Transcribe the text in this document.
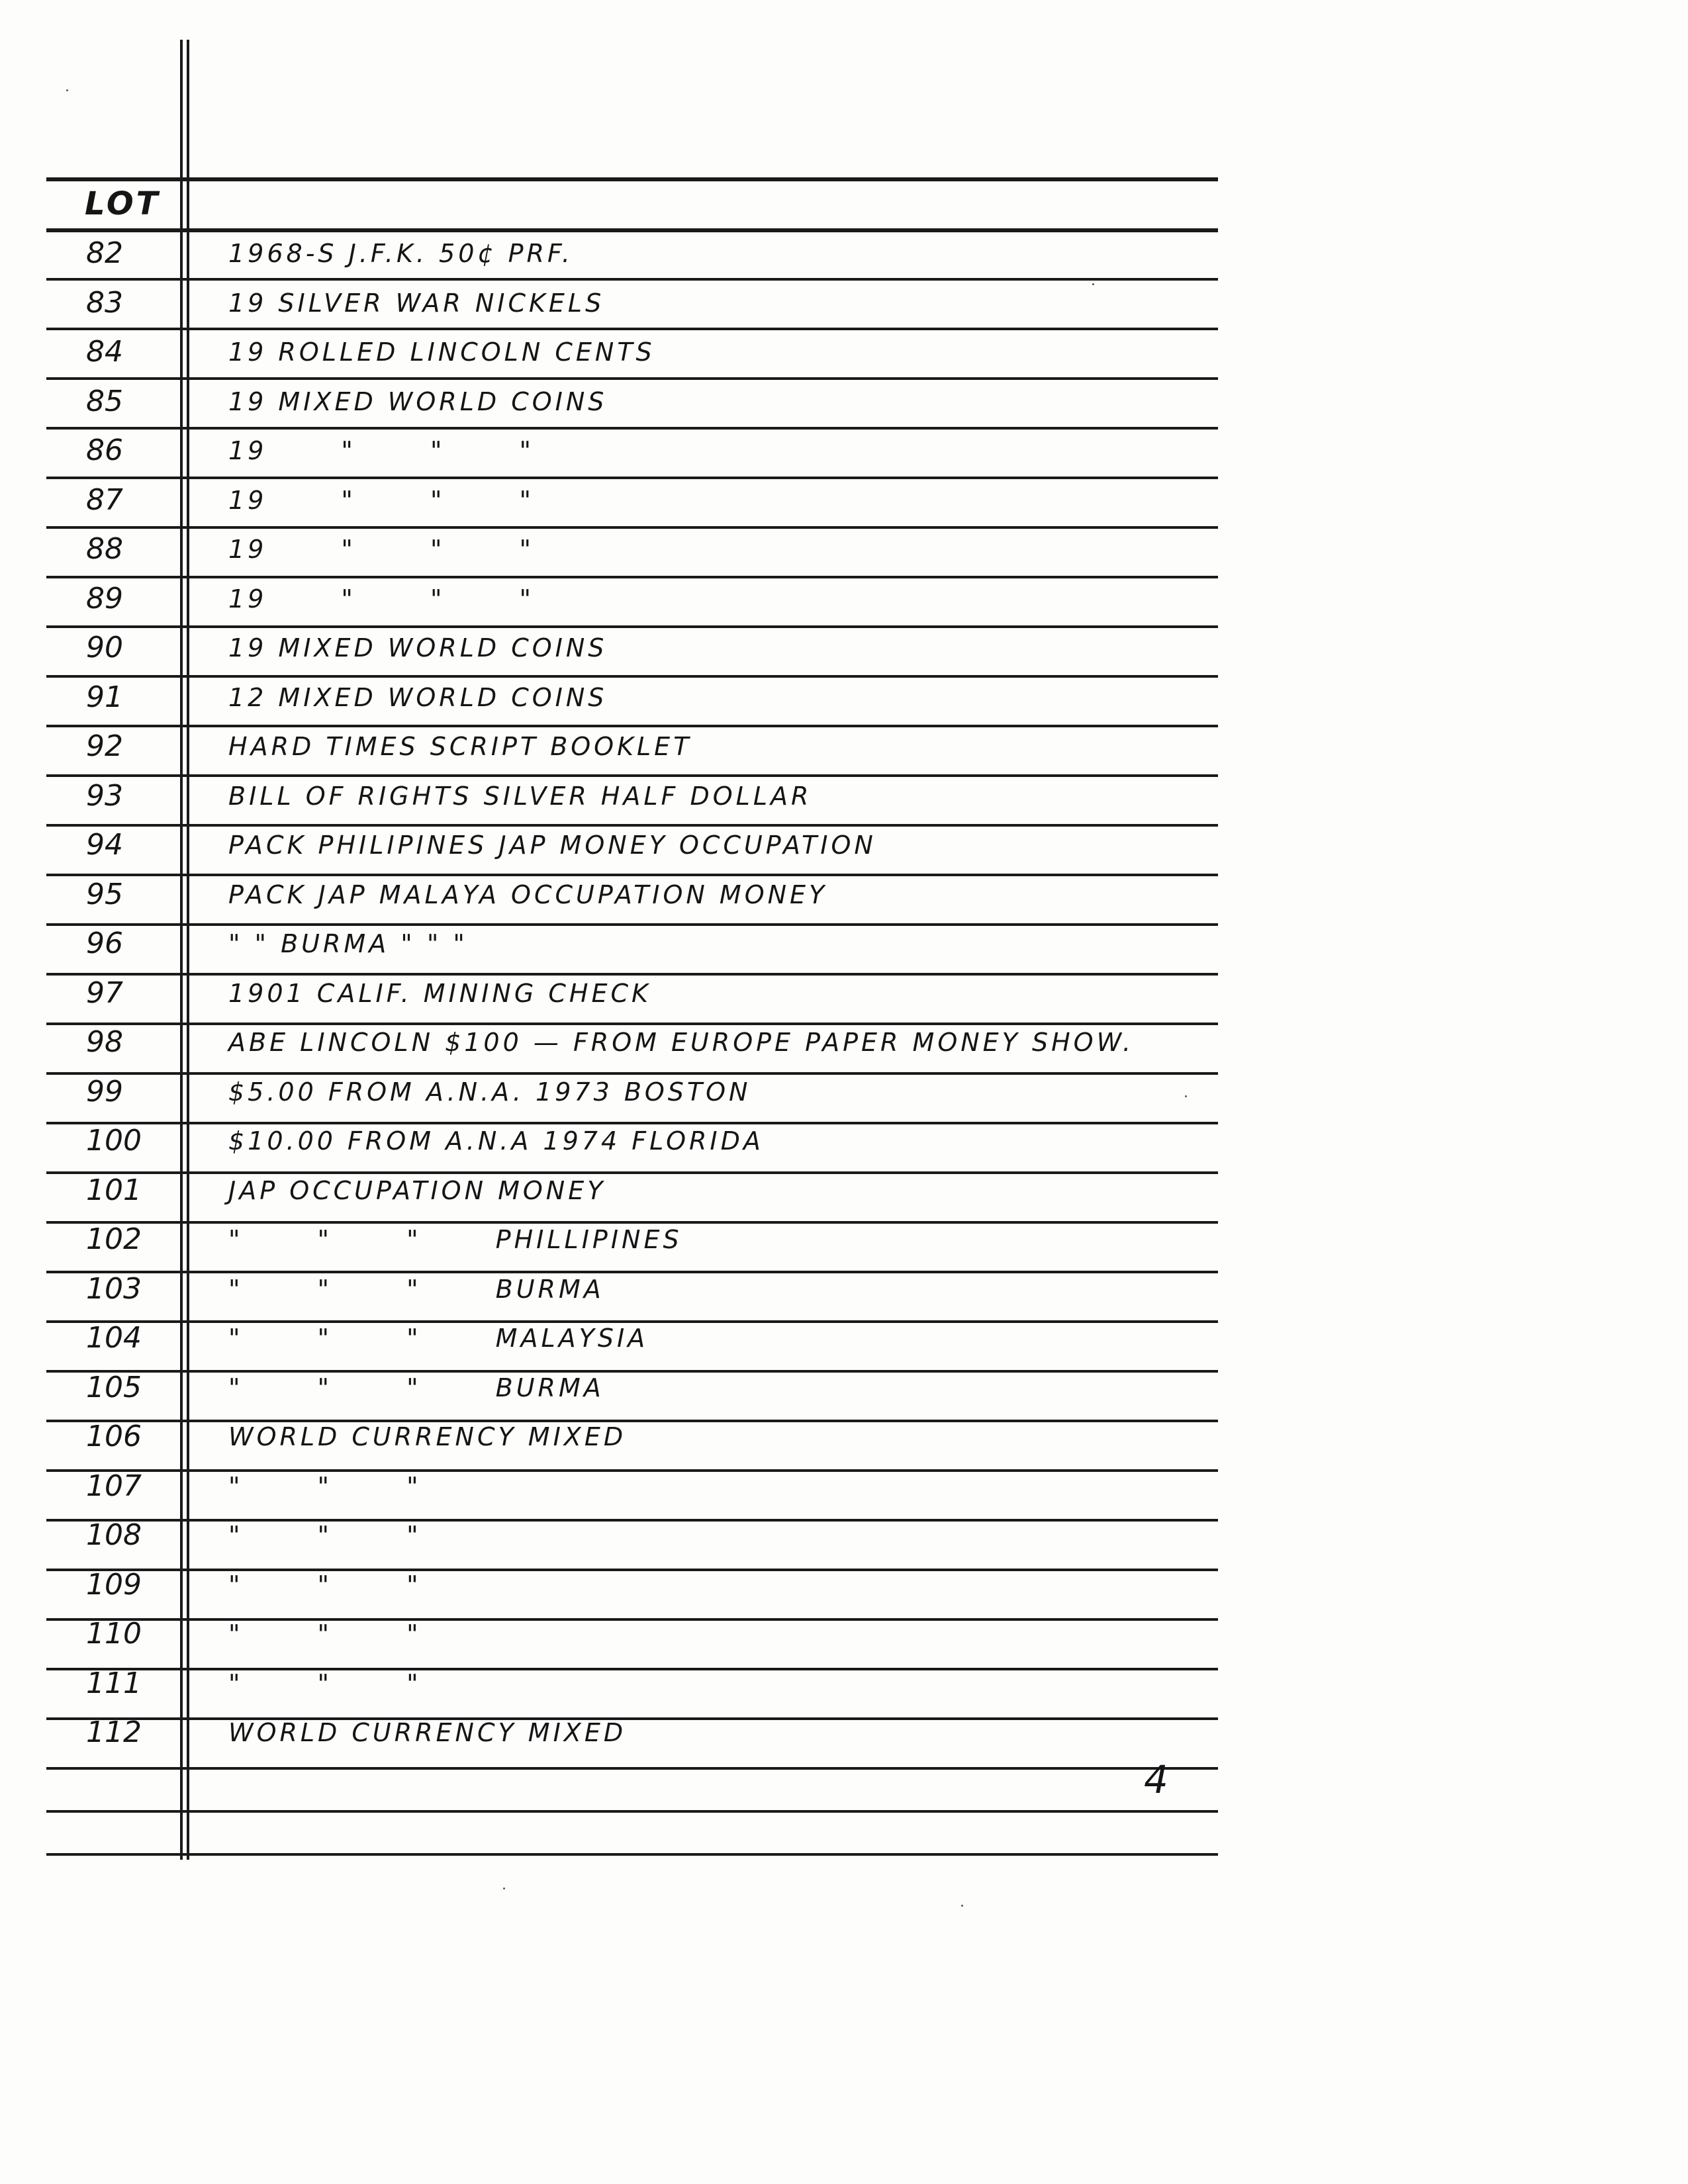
LOT
82	1968-S J.F.K. 50¢ PRF.
83	19 SILVER WAR NICKELS
84	19 ROLLED LINCOLN CENTS
85	19 MIXED WORLD COINS
86	19 " " "
87	19 " " "
88	19 " " "
89	19 " " "
90	19 MIXED WORLD COINS
91	12 MIXED WORLD COINS
92	HARD TIMES SCRIPT BOOKLET
93	BILL OF RIGHTS SILVER HALF DOLLAR
94	PACK PHILIPINES JAP MONEY OCCUPATION
95	PACK JAP MALAYA OCCUPATION MONEY
96	" " BURMA " " "
97	1901 CALIF. MINING CHECK
98	ABE LINCOLN $100 — FROM EUROPE PAPER MONEY SHOW.
99	$5.00 FROM A.N.A. 1973 BOSTON
100	$10.00 FROM A.N.A 1974 FLORIDA
101	JAP OCCUPATION MONEY
102	" " " PHILLIPINES
103	" " " BURMA
104	" " " MALAYSIA
105	" " " BURMA
106	WORLD CURRENCY MIXED
107	" " "
108	" " "
109	" " "
110	" " "
111	" " "
112	WORLD CURRENCY MIXED
4
